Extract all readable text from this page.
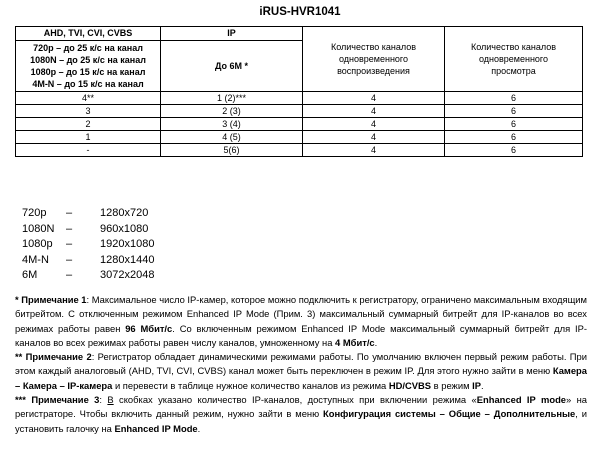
iRUS-HVR1041
AHD, TVI, CVI, CVBS	IP	Количество каналов одновременного воспроизведения	Количество каналов одновременного просмотра

720p – до 25 к/с на канал
1080N – до 25 к/с на канал
1080p – до 15 к/с на канал
4M-N – до 15 к/с на канал	До 6М *		
4**	1 (2)***	4	6
3	2 (3)	4	6
2	3 (4)	4	6
1	4 (5)	4	6
-	5(6)	4	6
720p –	1280x720
1080N –	960x1080
1080p –	1920x1080
4M-N –	1280x1440
6M	–	3072x2048

* Примечание 1: Максимальное число IP-камер, которое можно подключить к регистратору, ограничено максимальным входящим битрейтом. С отключенным режимом Enhanced IP Mode (Прим. 3) максимальный суммарный битрейт для IP-каналов во всех режимах работы равен 96 Мбит/с. Со включенным режимом Enhanced IP Mode максимальный суммарный битрейт для IP-каналов во всех режимах работы равен числу каналов, умноженному на 4 Мбит/с.

** Примечание 2: Регистратор обладает динамическими режимами работы. По умолчанию включен первый режим работы. При этом каждый аналоговый (AHD, TVI, CVI, CVBS) канал может быть переключен в режим IP. Для этого нужно зайти в меню Камера – Камера – IP-камера и перевести в таблице нужное количество каналов из режима HD/CVBS в режим IP.

*** Примечание 3: В скобках указано количество IP-каналов, доступных при включении режима «Enhanced IP mode» на регистраторе. Чтобы включить данный режим, нужно зайти в меню Конфигурация системы – Общие – Дополнительные, и установить галочку на Enhanced IP Mode.
